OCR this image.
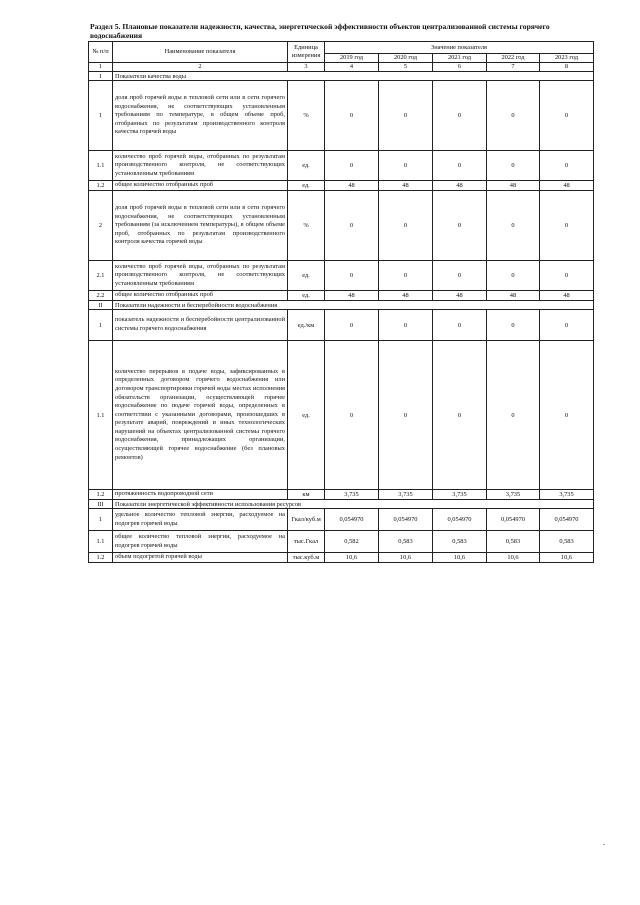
Раздел 5. Плановые показатели надежности, качества, энергетической эффективности объектов централизованной системы горячего водоснабжения
№ п/п	Наименование показателя	Единица измерения	Значение показателя				
			2019 год	2020 год	2021 год	2022 год	2023 год
1	2	3	4	5	6	7	8
I	Показатели качества воды						
1	доля проб горячей воды в тепловой сети или в сети горячего водоснабжения, не соответствующих установленным требованиям по температуре, в общем объеме проб, отобранных по результатам производственного контроля качества горячей воды	%	0	0	0	0	0
1.1	количество проб горячей воды, отобранных по результатам производственного контроля, не соответствующих установленным требованиям	ед.	0	0	0	0	0
1.2	общее количество отобранных проб	ед.	48	48	48	48	48
2	доля проб горячей воды в тепловой сети или в сети горячего водоснабжения, не соответствующих установленным требованиям (за исключением температуры), в общем объеме проб, отобранных по результатам производственного контроля качества горячей воды	%	0	0	0	0	0
2.1	количество проб горячей воды, отобранных по результатам производственного контроля, не соответствующих установленным требованиям	ед.	0	0	0	0	0
2.2	общее количество отобранных проб	ед.	48	48	48	48	48
II	Показатели надежности и бесперебойности водоснабжения						
1	показатель надежности и бесперебойности централизованной системы горячего водоснабжения	ед./км	0	0	0	0	0
1.1	количество перерывов в подаче воды, зафиксированных в определенных договором горячего водоснабжения или договором транспортировки горячей воды местах исполнения обязательств организации, осуществляющей горячее водоснабжение по подаче горячей воды, определенных в соответствии с указанными договорами, произошедших в результате аварий, повреждений и иных технологических нарушений на объектах централизованной системы горячего водоснабжения, принадлежащих организации, осуществляющей горячее водоснабжение (без плановых ремонтов)	ед.	0	0	0	0	0
1.2	протяженность водопроводной сети	км	3,735	3,735	3,735	3,735	3,735
III	Показатели энергетической эффективности использования ресурсов						
1	удельное количество тепловой энергии, расходуемое на подогрев горячей воды	Гкал/куб.м	0,054970	0,054970	0,054970	0,054970	0,054970
1.1	общее количество тепловой энергии, расходуемое на подогрев горячей воды	тыс.Гкал	0,582	0,583	0,583	0,583	0,583
1.2	объем подогретой горячей воды	тыс.куб.м	10,6	10,6	10,6	10,6	10,6
.
